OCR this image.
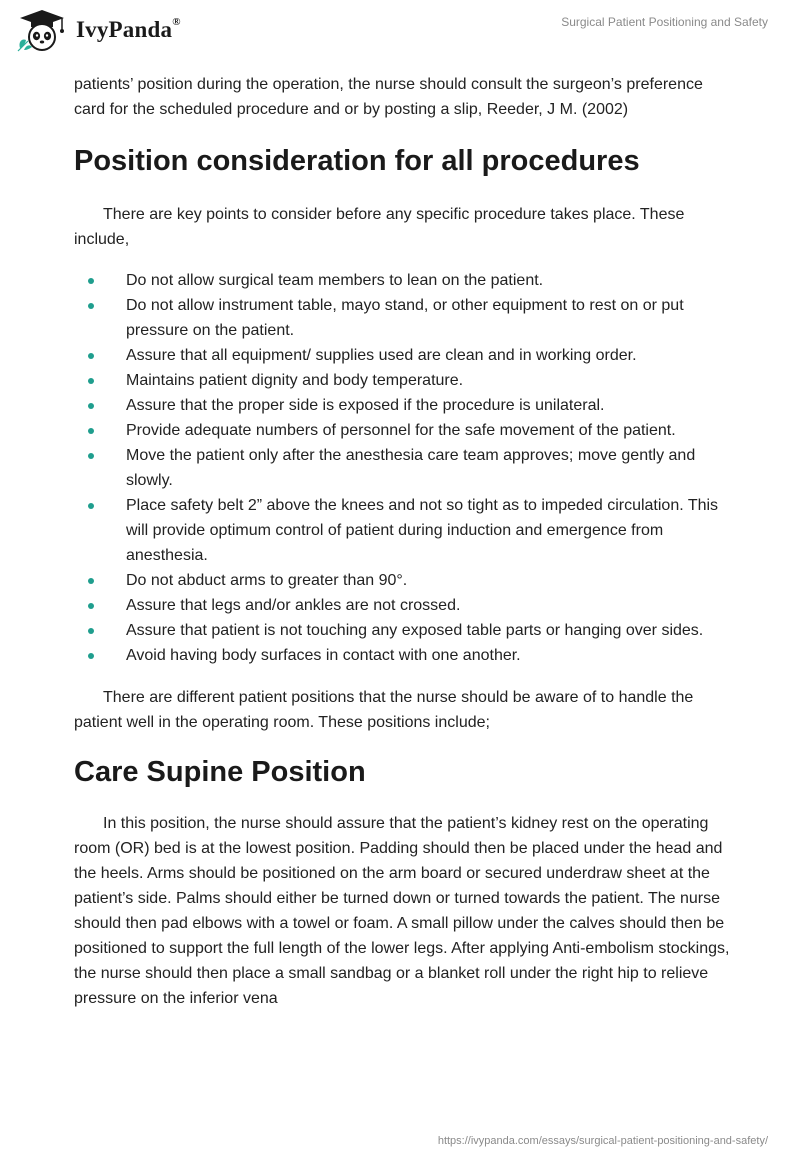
IvyPanda®	Surgical Patient Positioning and Safety

patients’ position during the operation, the nurse should consult the surgeon’s preference card for the scheduled procedure and or by posting a slip, Reeder, J M. (2002)

Position consideration for all procedures

There are key points to consider before any specific procedure takes place. These include,

Do not allow surgical team members to lean on the patient.
Do not allow instrument table, mayo stand, or other equipment to rest on or put pressure on the patient.
Assure that all equipment/ supplies used are clean and in working order.
Maintains patient dignity and body temperature.
Assure that the proper side is exposed if the procedure is unilateral.
Provide adequate numbers of personnel for the safe movement of the patient.
Move the patient only after the anesthesia care team approves; move gently and slowly.
Place safety belt 2” above the knees and not so tight as to impeded circulation. This will provide optimum control of patient during induction and emergence from anesthesia.
Do not abduct arms to greater than 90°.
Assure that legs and/or ankles are not crossed.
Assure that patient is not touching any exposed table parts or hanging over sides.
Avoid having body surfaces in contact with one another.

There are different patient positions that the nurse should be aware of to handle the patient well in the operating room. These positions include;

Care Supine Position

In this position, the nurse should assure that the patient’s kidney rest on the operating room (OR) bed is at the lowest position. Padding should then be placed under the head and the heels. Arms should be positioned on the arm board or secured underdraw sheet at the patient’s side. Palms should either be turned down or turned towards the patient. The nurse should then pad elbows with a towel or foam. A small pillow under the calves should then be positioned to support the full length of the lower legs. After applying Anti-embolism stockings, the nurse should then place a small sandbag or a blanket roll under the right hip to relieve pressure on the inferior vena

https://ivypanda.com/essays/surgical-patient-positioning-and-safety/
